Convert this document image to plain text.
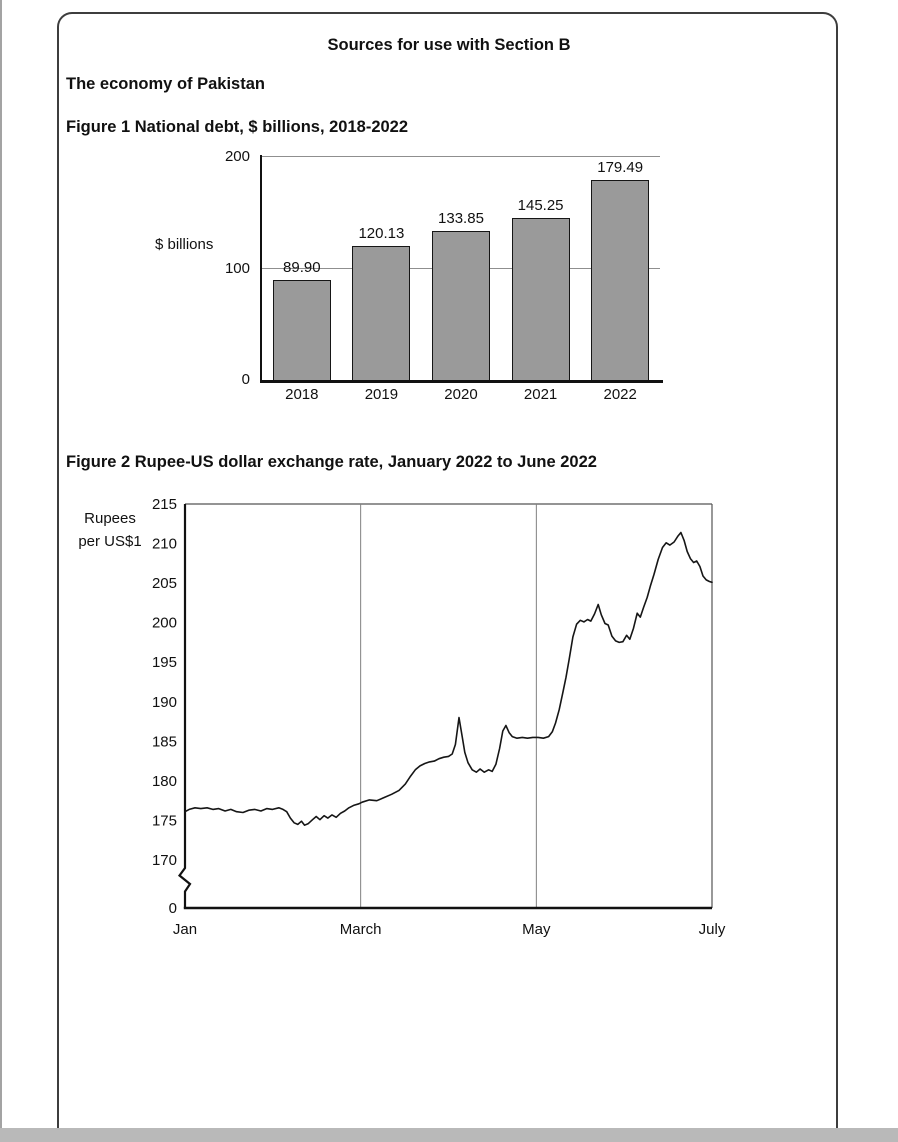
Sources for use with Section B
The economy of Pakistan
Figure 1 National debt, $ billions, 2018-2022
$ billions
89.90
2018
120.13
2019
133.85
2020
145.25
2021
179.49
2022
0
100
200
Figure 2 Rupee-US dollar exchange rate, January 2022 to June 2022
170
175
180
185
190
195
200
205
210
215
0
Jan	March	May	July
Rupees
per US$1
